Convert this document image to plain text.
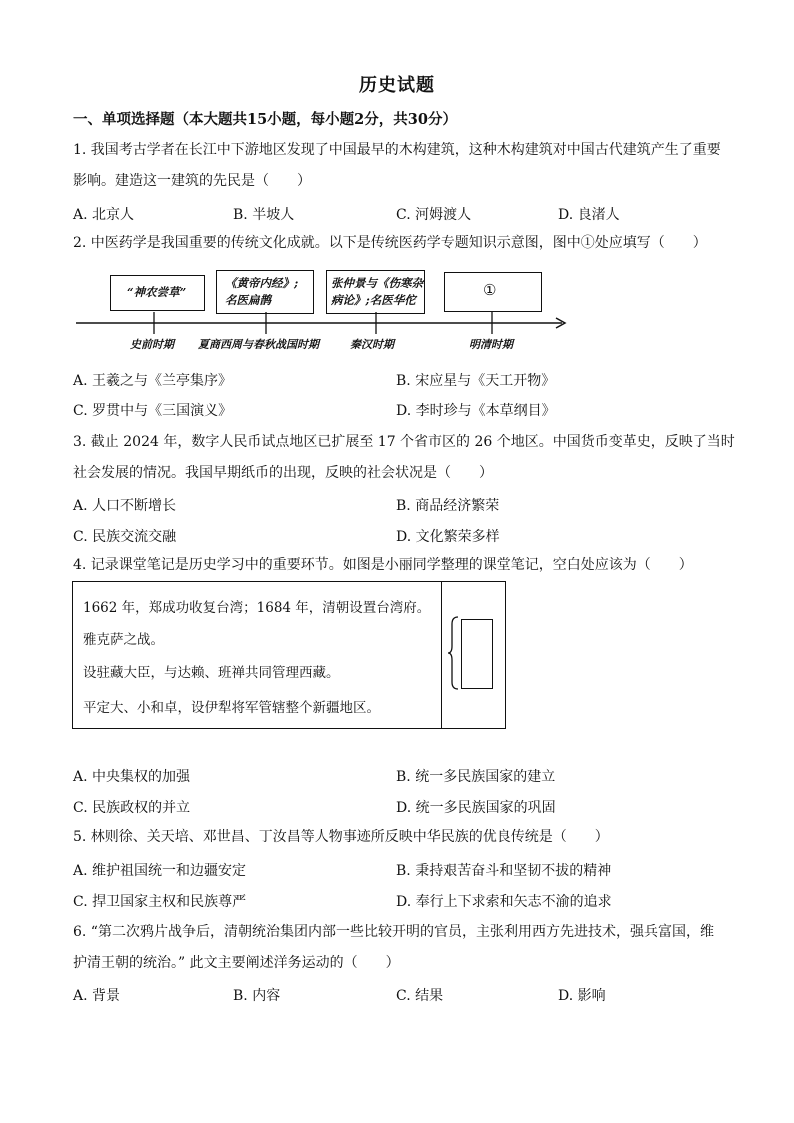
历史试题
一、单项选择题（本大题共15小题，每小题2分，共30分）
1. 我国考古学者在长江中下游地区发现了中国最早的木构建筑，这种木构建筑对中国古代建筑产生了重要
影响。建造这一建筑的先民是（　　）
A. 北京人	B. 半坡人	C. 河姆渡人	D. 良渚人
2. 中医药学是我国重要的传统文化成就。以下是传统医药学专题知识示意图，图中①处应填写（　　）
“神农尝草”
《黄帝内经》;
名医扁鹊
张仲景与《伤寒杂
病论》;名医华佗
①
史前时期 夏商西周与春秋战国时期	秦汉时期	明清时期
A. 王羲之与《兰亭集序》	B. 宋应星与《天工开物》
C. 罗贯中与《三国演义》	D. 李时珍与《本草纲目》
3. 截止 2024 年，数字人民币试点地区已扩展至 17 个省市区的 26 个地区。中国货币变革史，反映了当时
社会发展的情况。我国早期纸币的出现，反映的社会状况是（　　）
A. 人口不断增长	B. 商品经济繁荣
C. 民族交流交融	D. 文化繁荣多样
4. 记录课堂笔记是历史学习中的重要环节。如图是小丽同学整理的课堂笔记，空白处应该为（　　）
1662 年，郑成功收复台湾；1684 年，清朝设置台湾府。
雅克萨之战。
设驻藏大臣，与达赖、班禅共同管理西藏。
平定大、小和卓，设伊犁将军管辖整个新疆地区。
A. 中央集权的加强	B. 统一多民族国家的建立
C. 民族政权的并立	D. 统一多民族国家的巩固
5. 林则徐、关天培、邓世昌、丁汝昌等人物事迹所反映中华民族的优良传统是（　　）
A. 维护祖国统一和边疆安定	B. 秉持艰苦奋斗和坚韧不拔的精神
C. 捍卫国家主权和民族尊严	D. 奉行上下求索和矢志不渝的追求
6. “第二次鸦片战争后，清朝统治集团内部一些比较开明的官员，主张利用西方先进技术，强兵富国，维
护清王朝的统治。” 此文主要阐述洋务运动的（　　）
A. 背景	B. 内容	C. 结果	D. 影响
